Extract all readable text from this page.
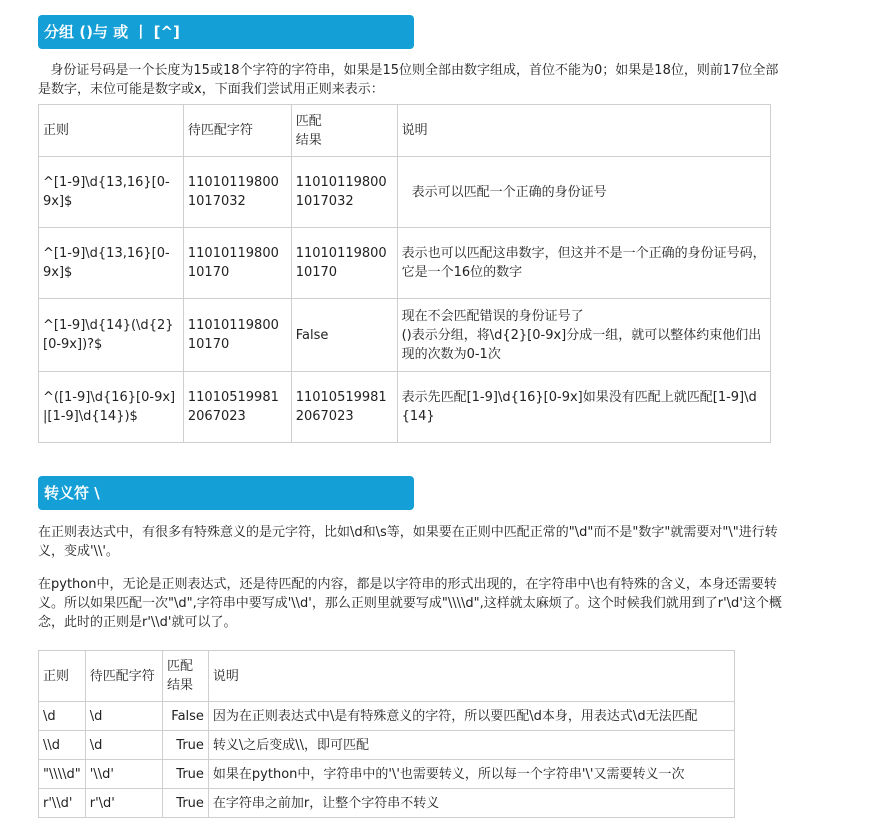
分组 ()与 或 丨 [^]

身份证号码是一个长度为15或18个字符的字符串，如果是15位则全部由数字组成，首位不能为0；如果是18位，则前17位全部是数字，末位可能是数字或x，下面我们尝试用正则来表示：

正则	待匹配字符	匹配结果	说明
^[1-9]\d{13,16}[0-9x]$	110101198001017032	110101198001017032	表示可以匹配一个正确的身份证号
^[1-9]\d{13,16}[0-9x]$	1101011980010170	1101011980010170	表示也可以匹配这串数字，但这并不是一个正确的身份证号码，它是一个16位的数字
^[1-9]\d{14}(\d{2}[0-9x])?$	1101011980010170	False	现在不会匹配错误的身份证号了
()表示分组，将\d{2}[0-9x]分成一组，就可以整体约束他们出现的次数为0-1次

^([1-9]\d{16}[0-9x]|[1-9]\d{14})$	110105199812067023	110105199812067023	表示先匹配[1-9]\d{16}[0-9x]如果没有匹配上就匹配[1-9]\d{14}
转义符 \

在正则表达式中，有很多有特殊意义的是元字符，比如\d和\s等，如果要在正则中匹配正常的"\d"而不是"数字"就需要对"\"进行转义，变成'\\'。

在python中，无论是正则表达式，还是待匹配的内容，都是以字符串的形式出现的，在字符串中\也有特殊的含义，本身还需要转义。所以如果匹配一次"\d",字符串中要写成'\\d'，那么正则里就要写成"\\\\d",这样就太麻烦了。这个时候我们就用到了r'\d'这个概念，此时的正则是r'\\d'就可以了。

正则	待匹配字符	匹配结果	说明
\d	\d	False	因为在正则表达式中\是有特殊意义的字符，所以要匹配\d本身，用表达式\d无法匹配
\\d	\d	True	转义\之后变成\\，即可匹配
"\\\\d"	'\\d'	True	如果在python中，字符串中的'\'也需要转义，所以每一个字符串'\'又需要转义一次
r'\\d'	r'\d'	True	在字符串之前加r，让整个字符串不转义
